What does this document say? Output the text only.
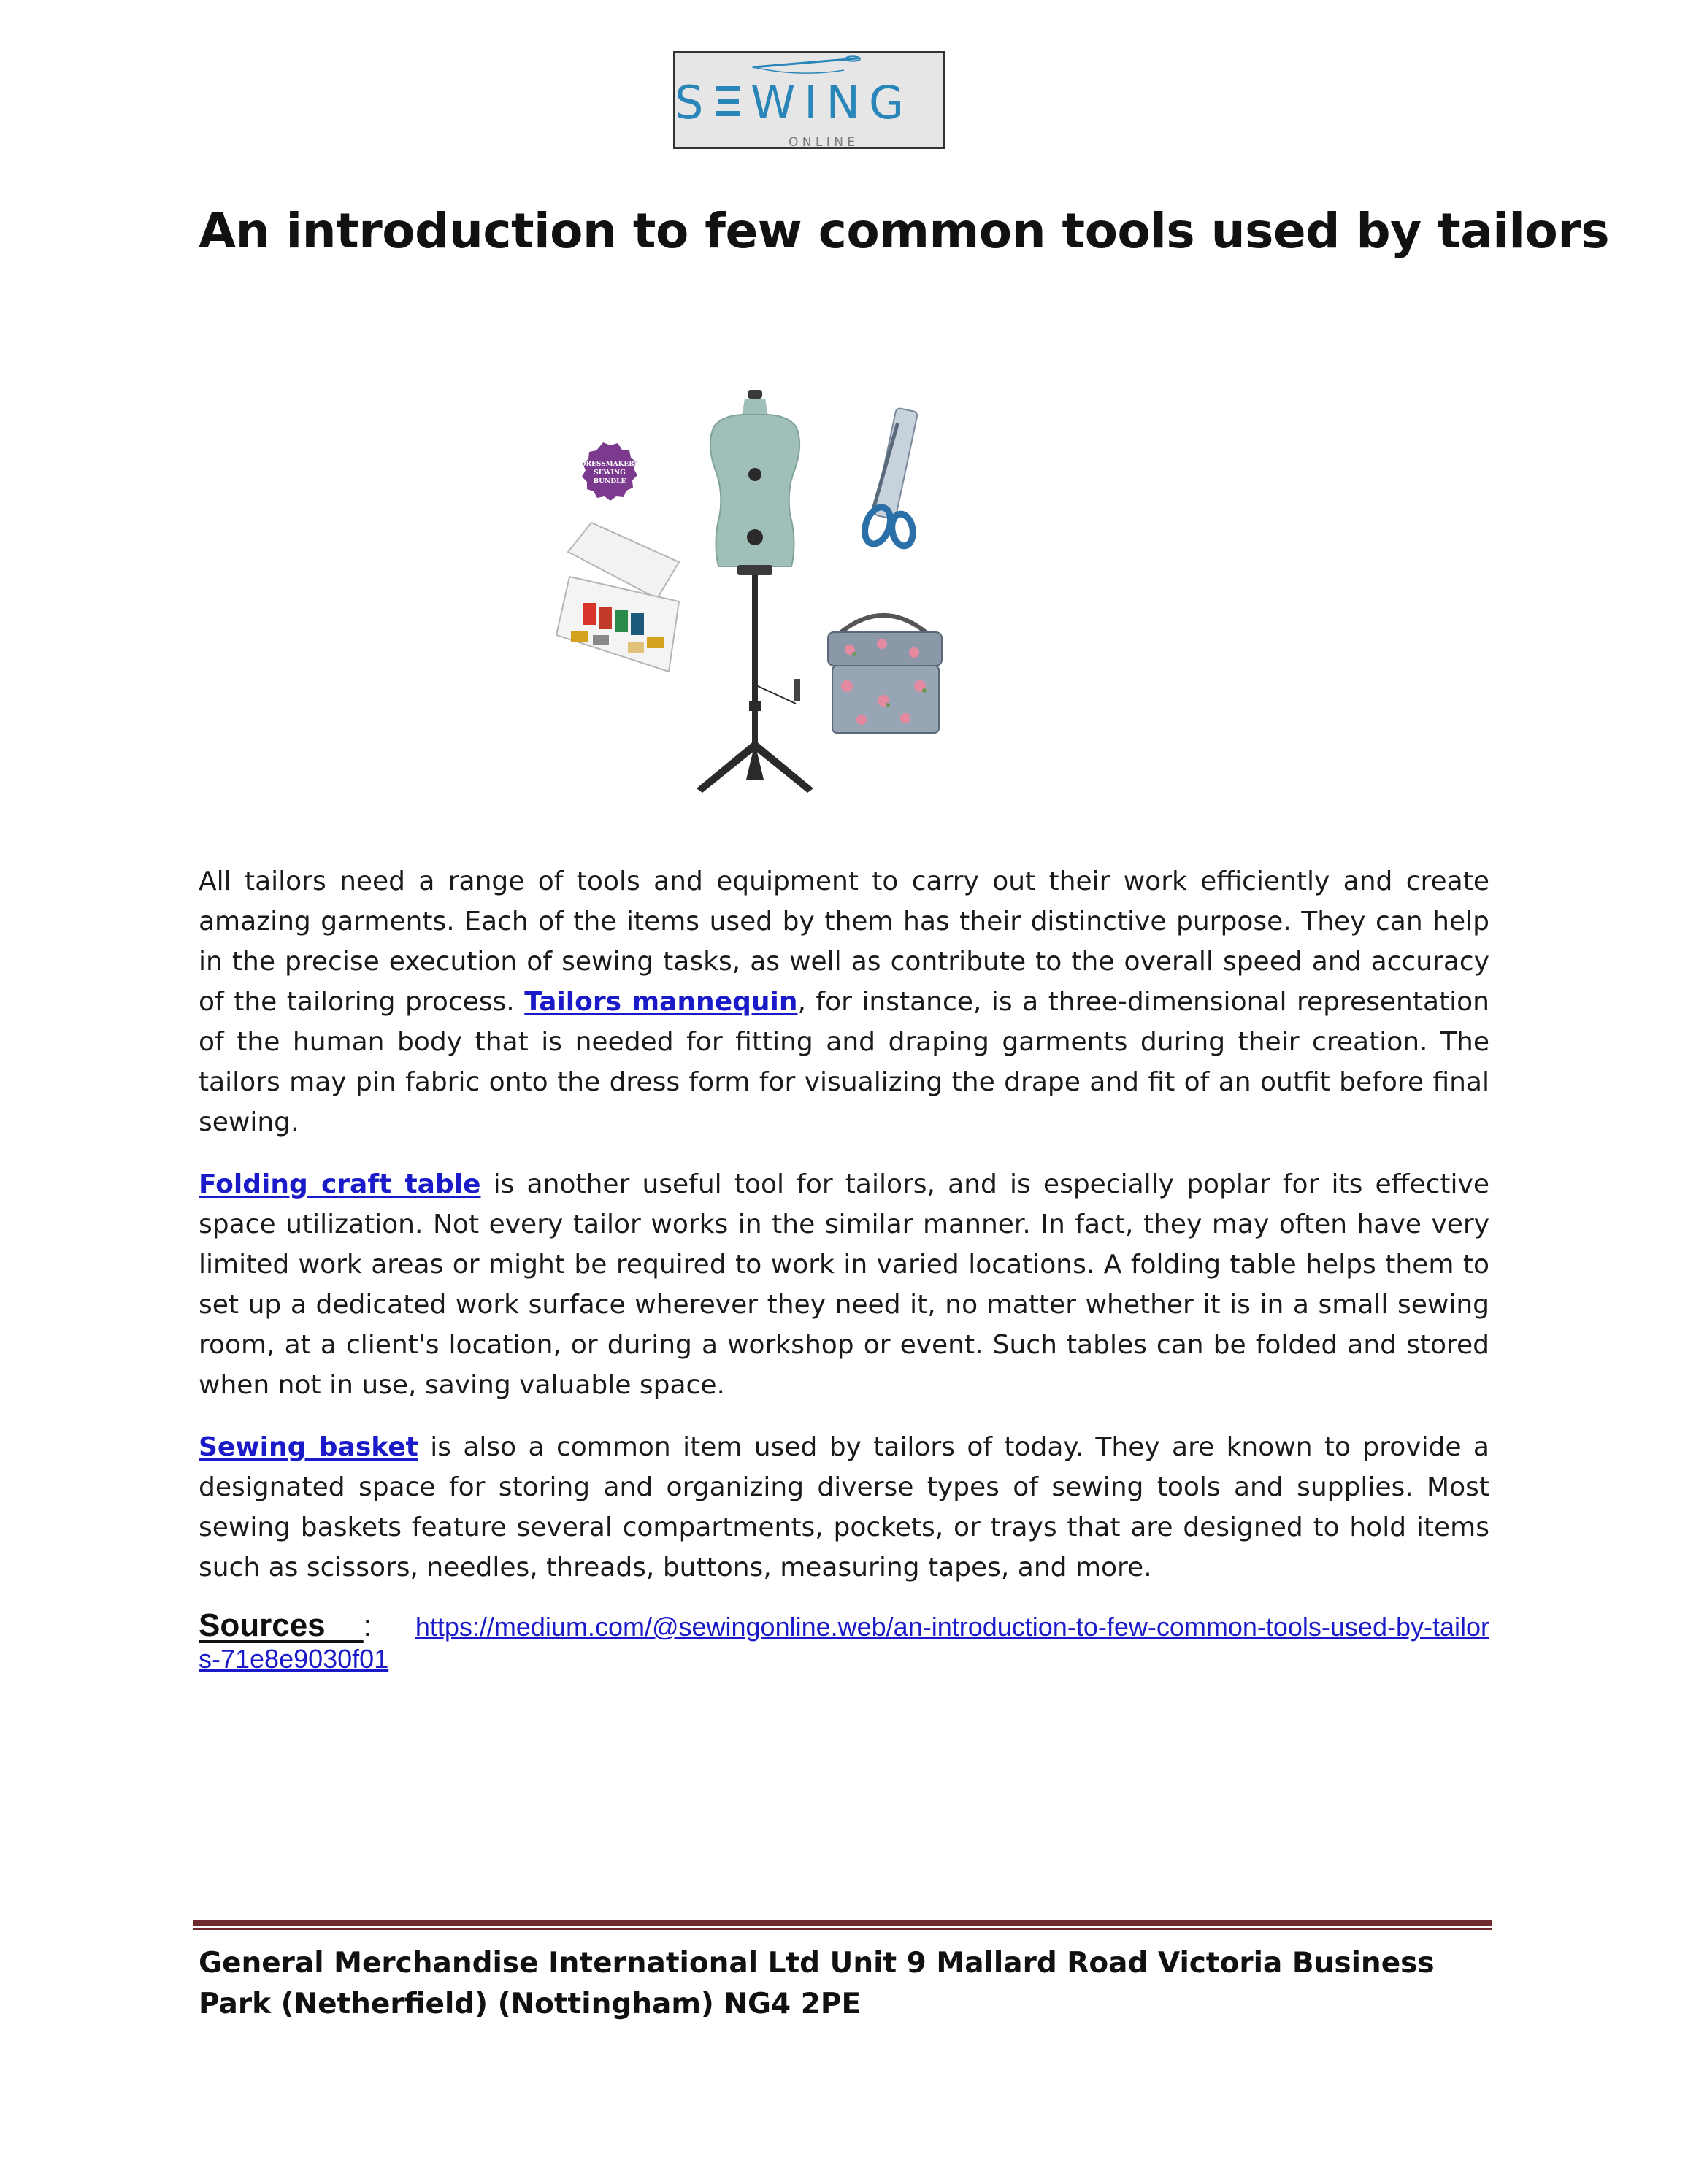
S WING
O N L I N E
An introduction to few common tools used by tailors
DRESSMAKERS
SEWING
BUNDLE

All tailors need a range of tools and equipment to carry out their work efficiently and create amazing garments. Each of the items used by them has their distinctive purpose. They can help in the precise execution of sewing tasks, as well as contribute to the overall speed and accuracy of the tailoring process. Tailors mannequin, for instance, is a three-dimensional representation of the human body that is needed for fitting and draping garments during their creation. The tailors may pin fabric onto the dress form for visualizing the drape and fit of an outfit before final sewing.

Folding craft table is another useful tool for tailors, and is especially poplar for its effective space utilization. Not every tailor works in the similar manner. In fact, they may often have very limited work areas or might be required to work in varied locations. A folding table helps them to set up a dedicated work surface wherever they need it, no matter whether it is in a small sewing room, at a client's location, or during a workshop or event. Such tables can be folded and stored when not in use, saving valuable space.

Sewing basket is also a common item used by tailors of today. They are known to provide a designated space for storing and organizing diverse types of sewing tools and supplies. Most sewing baskets feature several compartments, pockets, or trays that are designed to hold items such as scissors, needles, threads, buttons, measuring tapes, and more.

Sources   : https://medium.com/@sewingonline.web/an-introduction-to-few-common-tools-used-by-tailors-71e8e9030f01

General Merchandise International Ltd Unit 9 Mallard Road Victoria Business Park (Netherfield) (Nottingham) NG4 2PE
